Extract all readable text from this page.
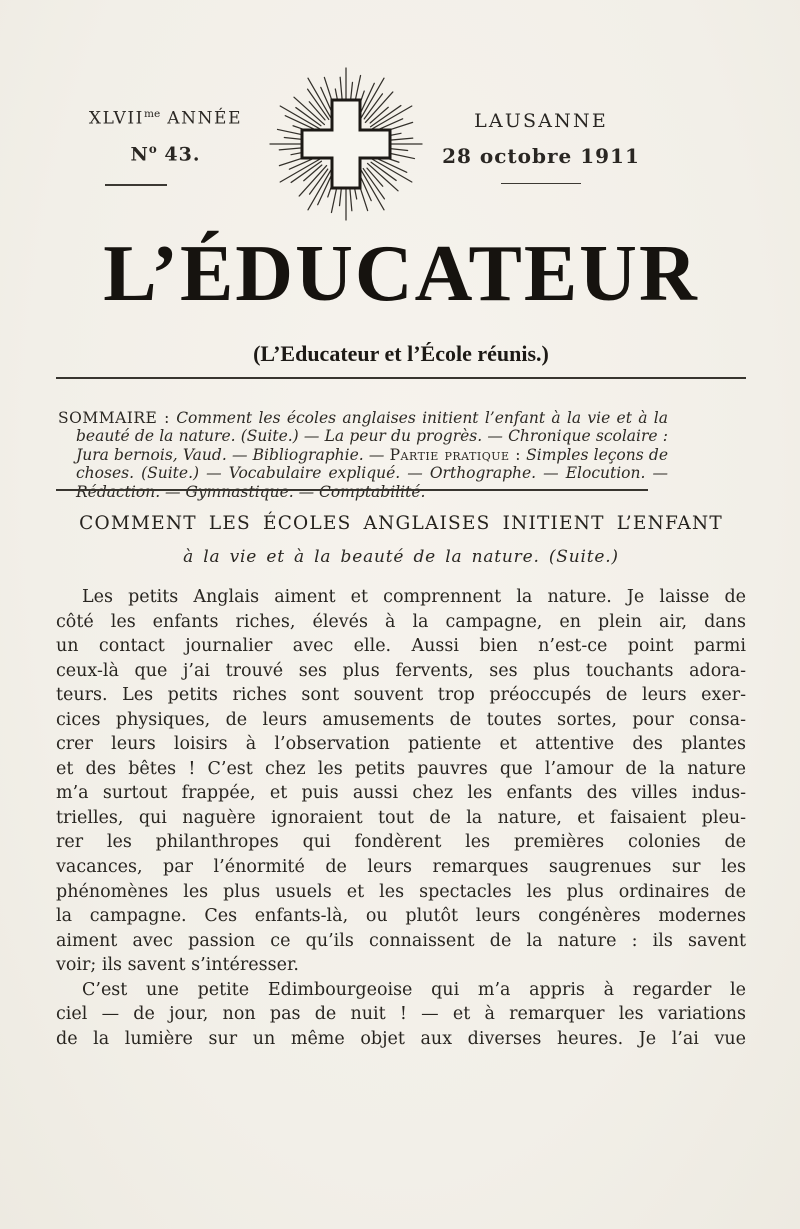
$XLVII^{me}$ ANNÉE
$N^o$ 43.
LAUSANNE
28 octobre 1911
L’ÉDUCATEUR
(L’Educateur et l’École réunis.)

SOMMAIRE : Comment les écoles anglaises initient l’enfant à la vie et à la beauté de la nature. (Suite.) — La peur du progrès. — Chronique scolaire : Jura bernois, Vaud. — Bibliographie. — Partie pratique : Simples leçons de choses. (Suite.) — Vocabulaire expliqué. — Orthographe. — Elocution. — Rédaction. — Gymnastique. — Comptabilité.

COMMENT LES ÉCOLES ANGLAISES INITIENT L’ENFANT
à la vie et à la beauté de la nature. (Suite.)
Les petits Anglais aiment et comprennent la nature. Je laisse de
côté les enfants riches, élevés à la campagne, en plein air, dans
un contact journalier avec elle. Aussi bien n’est-ce point parmi
ceux-là que j’ai trouvé ses plus fervents, ses plus touchants adora-
teurs. Les petits riches sont souvent trop préoccupés de leurs exer-
cices physiques, de leurs amusements de toutes sortes, pour consa-
crer leurs loisirs à l’observation patiente et attentive des plantes
et des bêtes ! C’est chez les petits pauvres que l’amour de la nature
m’a surtout frappée, et puis aussi chez les enfants des villes indus-
trielles, qui naguère ignoraient tout de la nature, et faisaient pleu-
rer les philanthropes qui fondèrent les premières colonies de
vacances, par l’énormité de leurs remarques saugrenues sur les
phénomènes les plus usuels et les spectacles les plus ordinaires de
la campagne. Ces enfants-là, ou plutôt leurs congénères modernes
aiment avec passion ce qu’ils connaissent de la nature : ils savent
voir; ils savent s’intéresser.
C’est une petite Edimbourgeoise qui m’a appris à regarder le
ciel — de jour, non pas de nuit ! — et à remarquer les variations
de la lumière sur un même objet aux diverses heures. Je l’ai vue
